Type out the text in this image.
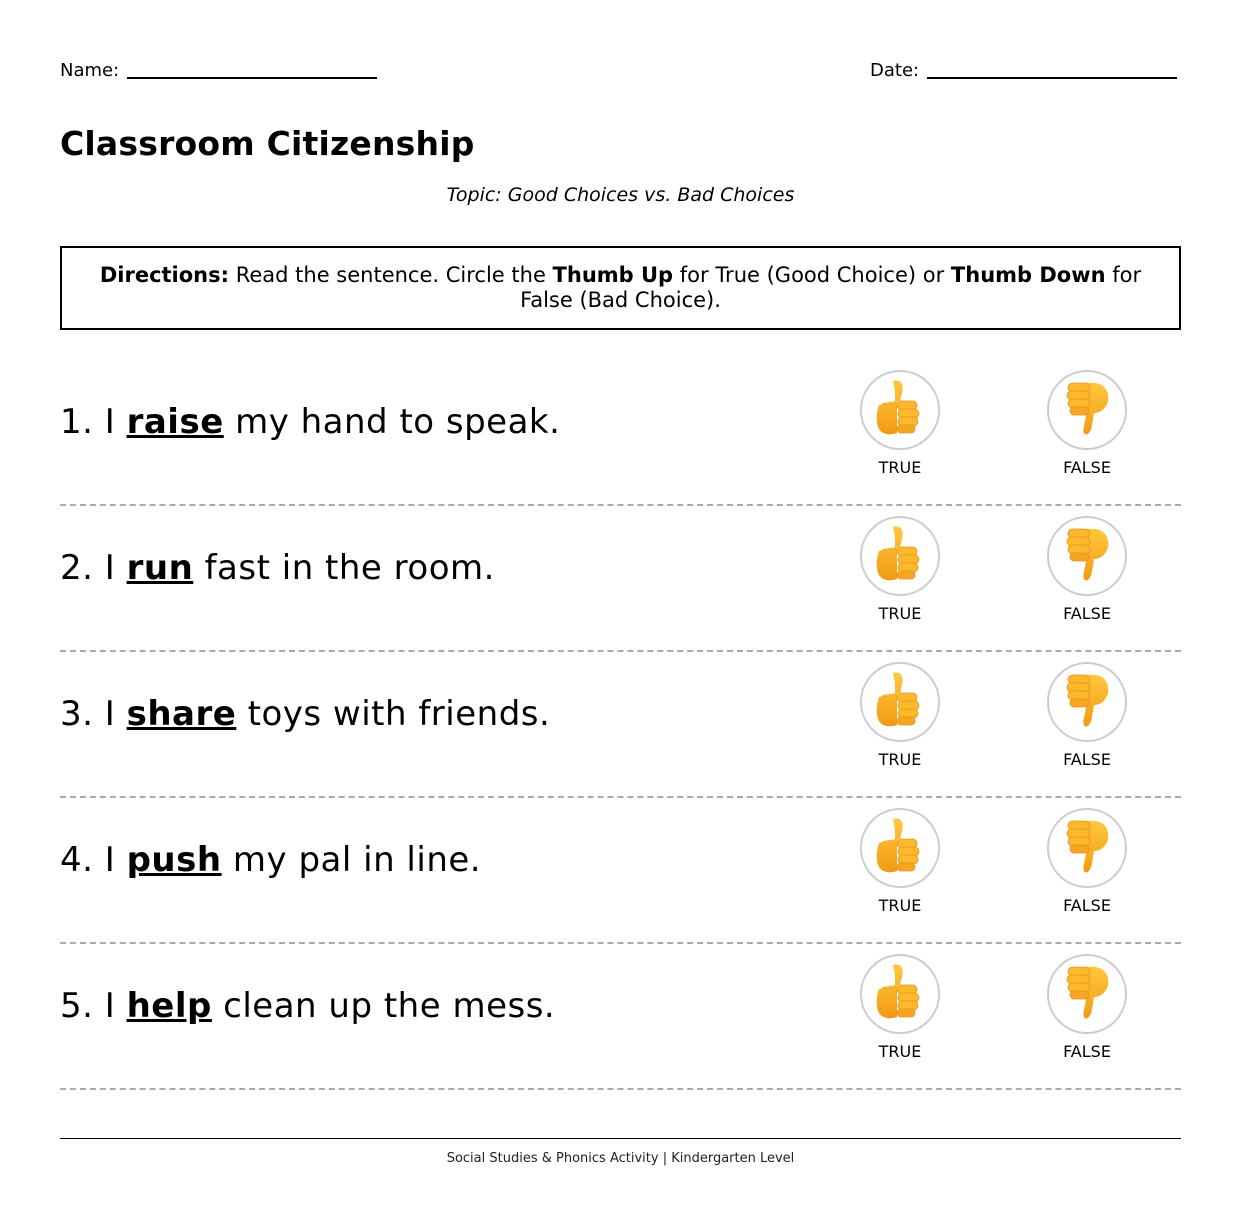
Name:	Date:
Classroom Citizenship
Topic: Good Choices vs. Bad Choices
Directions: Read the sentence. Circle the Thumb Up for True (Good Choice) or Thumb Down for False (Bad Choice).
1. I raise my hand to speak.
TRUE	FALSE
2. I run fast in the room.
TRUE	FALSE
3. I share toys with friends.
TRUE	FALSE
4. I push my pal in line.
TRUE	FALSE
5. I help clean up the mess.
TRUE	FALSE
Social Studies & Phonics Activity | Kindergarten Level
